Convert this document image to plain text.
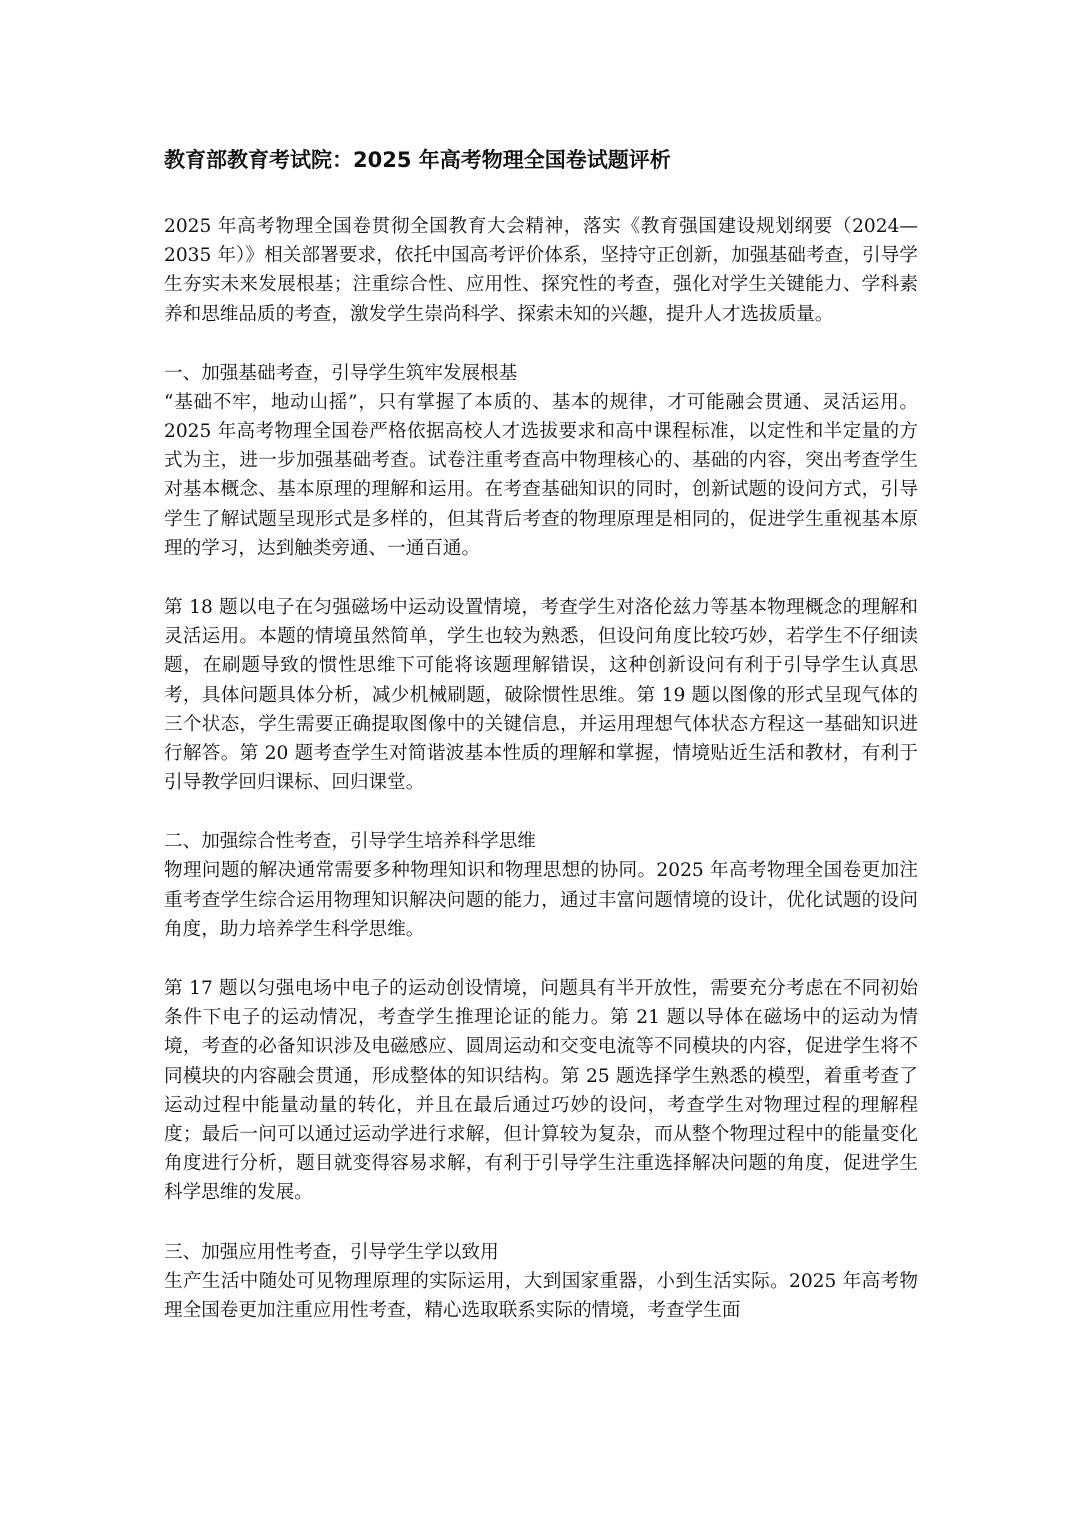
教育部教育考试院：2025 年高考物理全国卷试题评析

2025 年高考物理全国卷贯彻全国教育大会精神，落实《教育强国建设规划纲要（2024—2035 年）》相关部署要求，依托中国高考评价体系，坚持守正创新，加强基础考查，引导学生夯实未来发展根基；注重综合性、应用性、探究性的考查，强化对学生关键能力、学科素养和思维品质的考查，激发学生崇尚科学、探索未知的兴趣，提升人才选拔质量。

一、加强基础考查，引导学生筑牢发展根基

“基础不牢，地动山摇”，只有掌握了本质的、基本的规律，才可能融会贯通、灵活运用。2025 年高考物理全国卷严格依据高校人才选拔要求和高中课程标准，以定性和半定量的方式为主，进一步加强基础考查。试卷注重考查高中物理核心的、基础的内容，突出考查学生对基本概念、基本原理的理解和运用。在考查基础知识的同时，创新试题的设问方式，引导学生了解试题呈现形式是多样的，但其背后考查的物理原理是相同的，促进学生重视基本原理的学习，达到触类旁通、一通百通。

第 18 题以电子在匀强磁场中运动设置情境，考查学生对洛伦兹力等基本物理概念的理解和灵活运用。本题的情境虽然简单，学生也较为熟悉，但设问角度比较巧妙，若学生不仔细读题，在刷题导致的惯性思维下可能将该题理解错误，这种创新设问有利于引导学生认真思考，具体问题具体分析，减少机械刷题，破除惯性思维。第 19 题以图像的形式呈现气体的三个状态，学生需要正确提取图像中的关键信息，并运用理想气体状态方程这一基础知识进行解答。第 20 题考查学生对简谐波基本性质的理解和掌握，情境贴近生活和教材，有利于引导教学回归课标、回归课堂。

二、加强综合性考查，引导学生培养科学思维

物理问题的解决通常需要多种物理知识和物理思想的协同。2025 年高考物理全国卷更加注重考查学生综合运用物理知识解决问题的能力，通过丰富问题情境的设计，优化试题的设问角度，助力培养学生科学思维。

第 17 题以匀强电场中电子的运动创设情境，问题具有半开放性，需要充分考虑在不同初始条件下电子的运动情况，考查学生推理论证的能力。第 21 题以导体在磁场中的运动为情境，考查的必备知识涉及电磁感应、圆周运动和交变电流等不同模块的内容，促进学生将不同模块的内容融会贯通，形成整体的知识结构。第 25 题选择学生熟悉的模型，着重考查了运动过程中能量动量的转化，并且在最后通过巧妙的设问，考查学生对物理过程的理解程度；最后一问可以通过运动学进行求解，但计算较为复杂，而从整个物理过程中的能量变化角度进行分析，题目就变得容易求解，有利于引导学生注重选择解决问题的角度，促进学生科学思维的发展。

三、加强应用性考查，引导学生学以致用

生产生活中随处可见物理原理的实际运用，大到国家重器，小到生活实际。2025 年高考物理全国卷更加注重应用性考查，精心选取联系实际的情境，考查学生面
